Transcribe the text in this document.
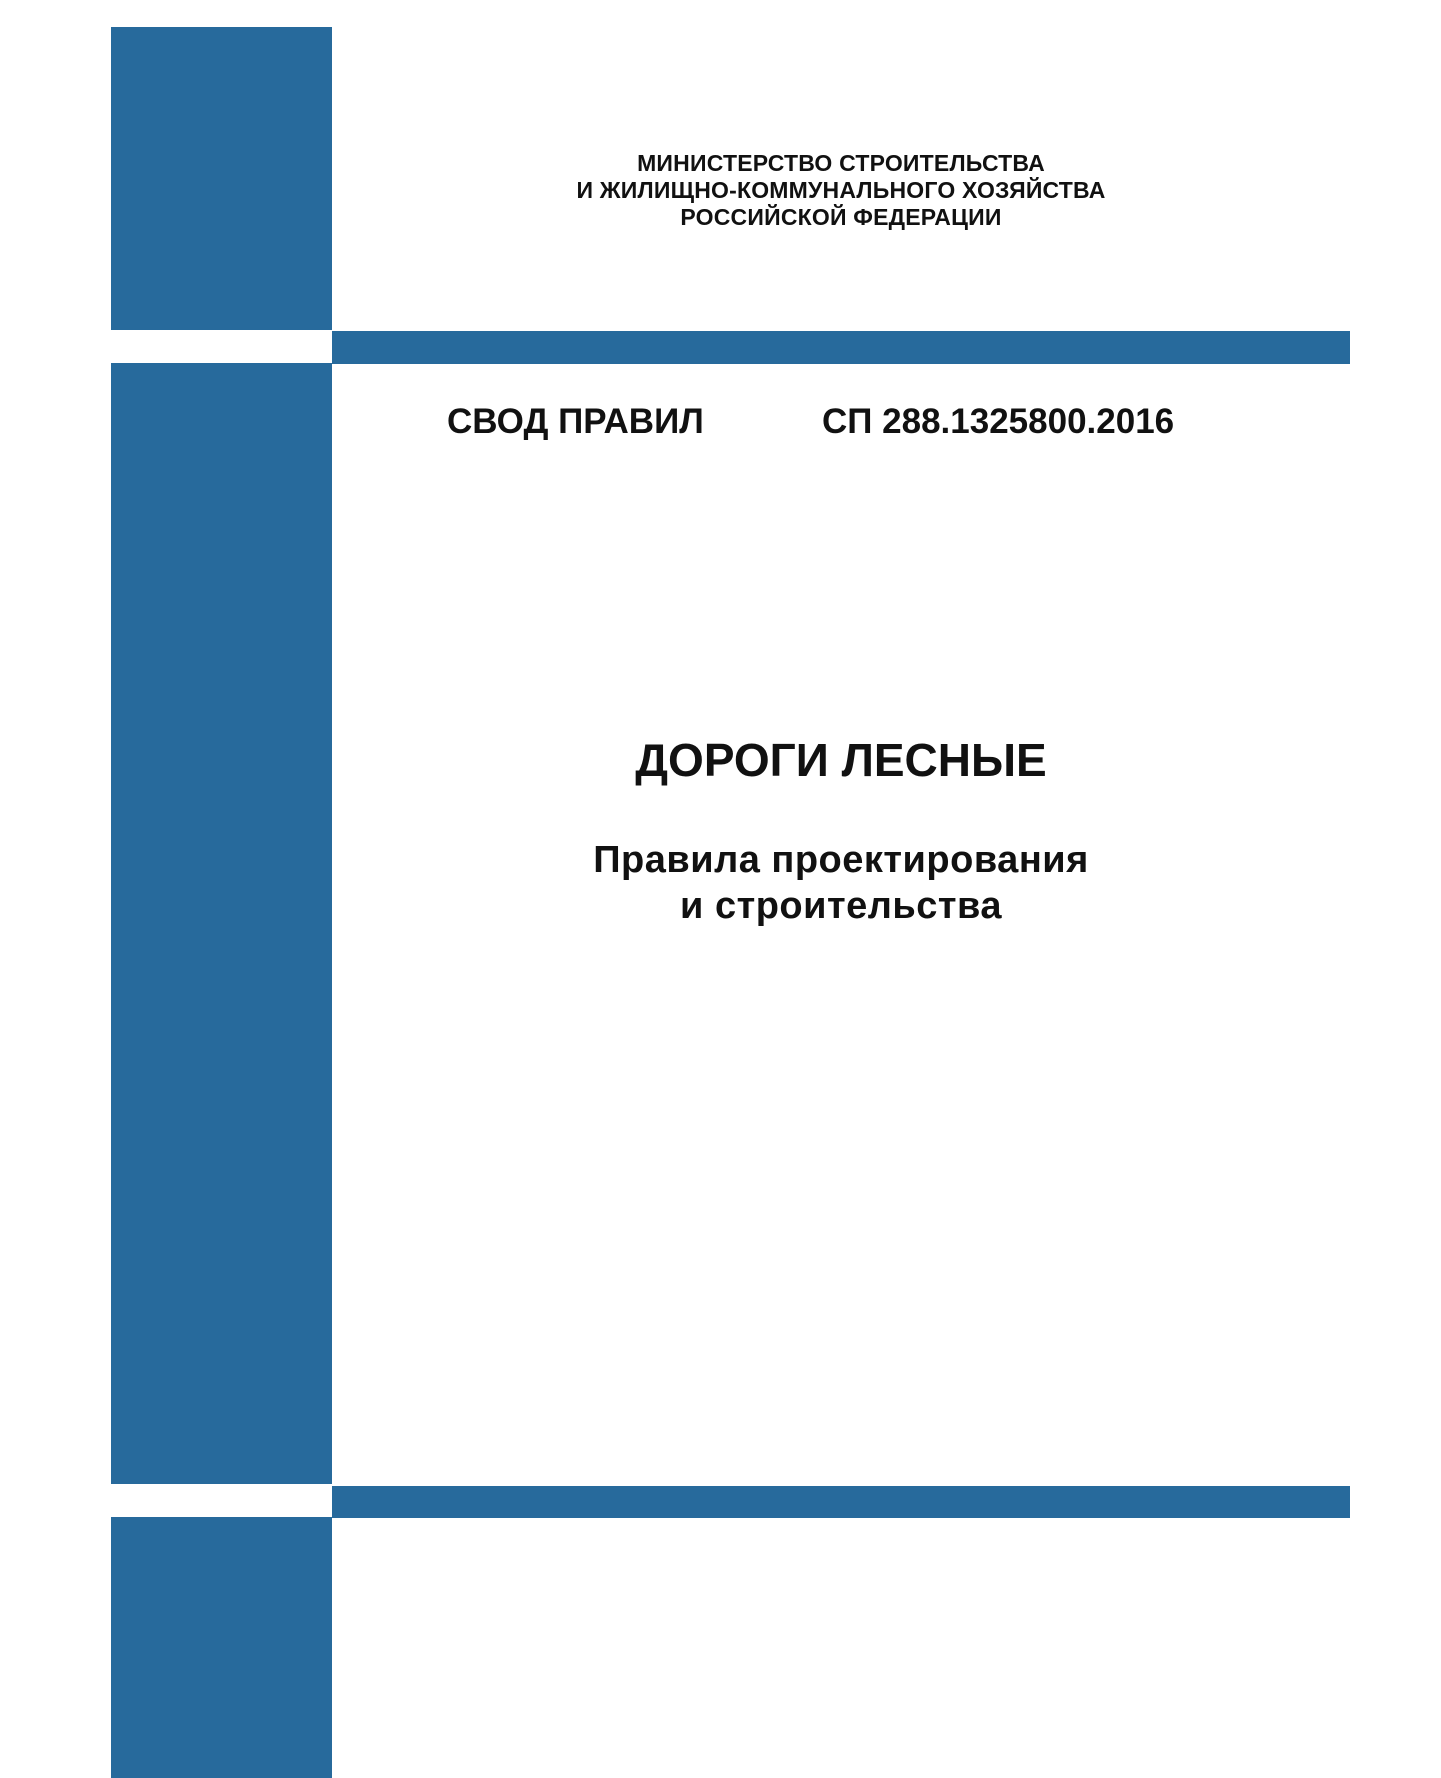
МИНИСТЕРСТВО СТРОИТЕЛЬСТВА
И ЖИЛИЩНО-КОММУНАЛЬНОГО ХОЗЯЙСТВА
РОССИЙСКОЙ ФЕДЕРАЦИИ
СВОД ПРАВИЛ	СП 288.1325800.2016
ДОРОГИ ЛЕСНЫЕ
Правила проектирования
и строительства
